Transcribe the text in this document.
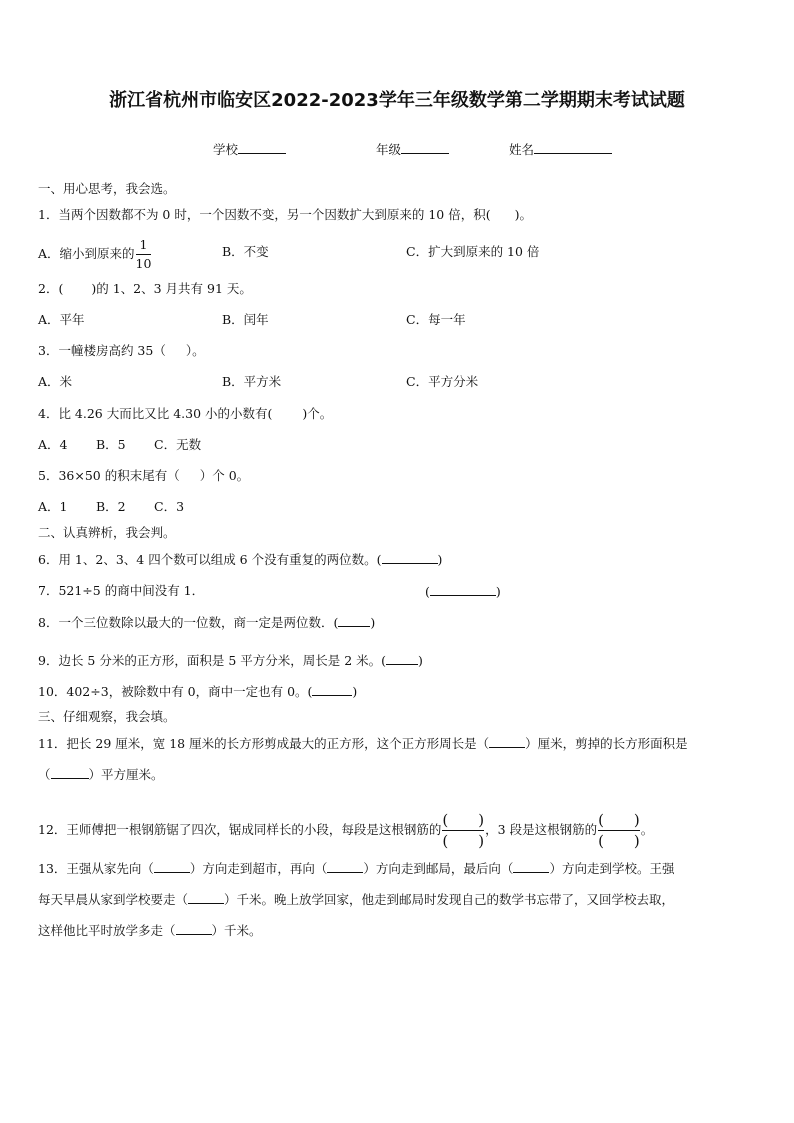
浙江省杭州市临安区2022-2023学年三年级数学第二学期期末考试试题
学校	年级	姓名
一、用心思考，我会选。
1．当两个因数都不为 0 时，一个因数不变，另一个因数扩大到原来的 10 倍，积( )。
A．缩小到原来的 $\frac{1}{10}$	B．不变	C．扩大到原来的 10 倍
2．( )的 1、2、3 月共有 91 天。
A．平年	B．闰年	C．每一年
3．一幢楼房高约 35（ ）。
A．米	B．平方米	C．平方分米
4．比 4.26 大而比又比 4.30 小的小数有( )个。
A．4 B．5 C．无数
5．36×50 的积末尾有（ ）个 0。
A．1 B．2 C．3
二、认真辨析，我会判。
6．用 1、2、3、4 四个数可以组成 6 个没有重复的两位数。(	)
7．521÷5 的商中间没有 1．	(	)
8．一个三位数除以最大的一位数，商一定是两位数．(	)
9．边长 5 分米的正方形，面积是 5 平方分米，周长是 2 米。(	)
10．402÷3，被除数中有 0，商中一定也有 0。(	)
三、仔细观察，我会填。
11．把长 29 厘米，宽 18 厘米的长方形剪成最大的正方形，这个正方形周长是（	）厘米，剪掉的长方形面积是
（	）平方厘米。
12．王师傅把一根钢筋锯了四次，锯成同样长的小段，每段是这根钢筋的 $\frac{( )}{( )}$ ，3 段是这根钢筋的 $\frac{( )}{( )}$ 。
13．王强从家先向（	）方向走到超市，再向（	）方向走到邮局，最后向（	）方向走到学校。王强
每天早晨从家到学校要走（	）千米。晚上放学回家，他走到邮局时发现自己的数学书忘带了，又回学校去取，
这样他比平时放学多走（	）千米。
